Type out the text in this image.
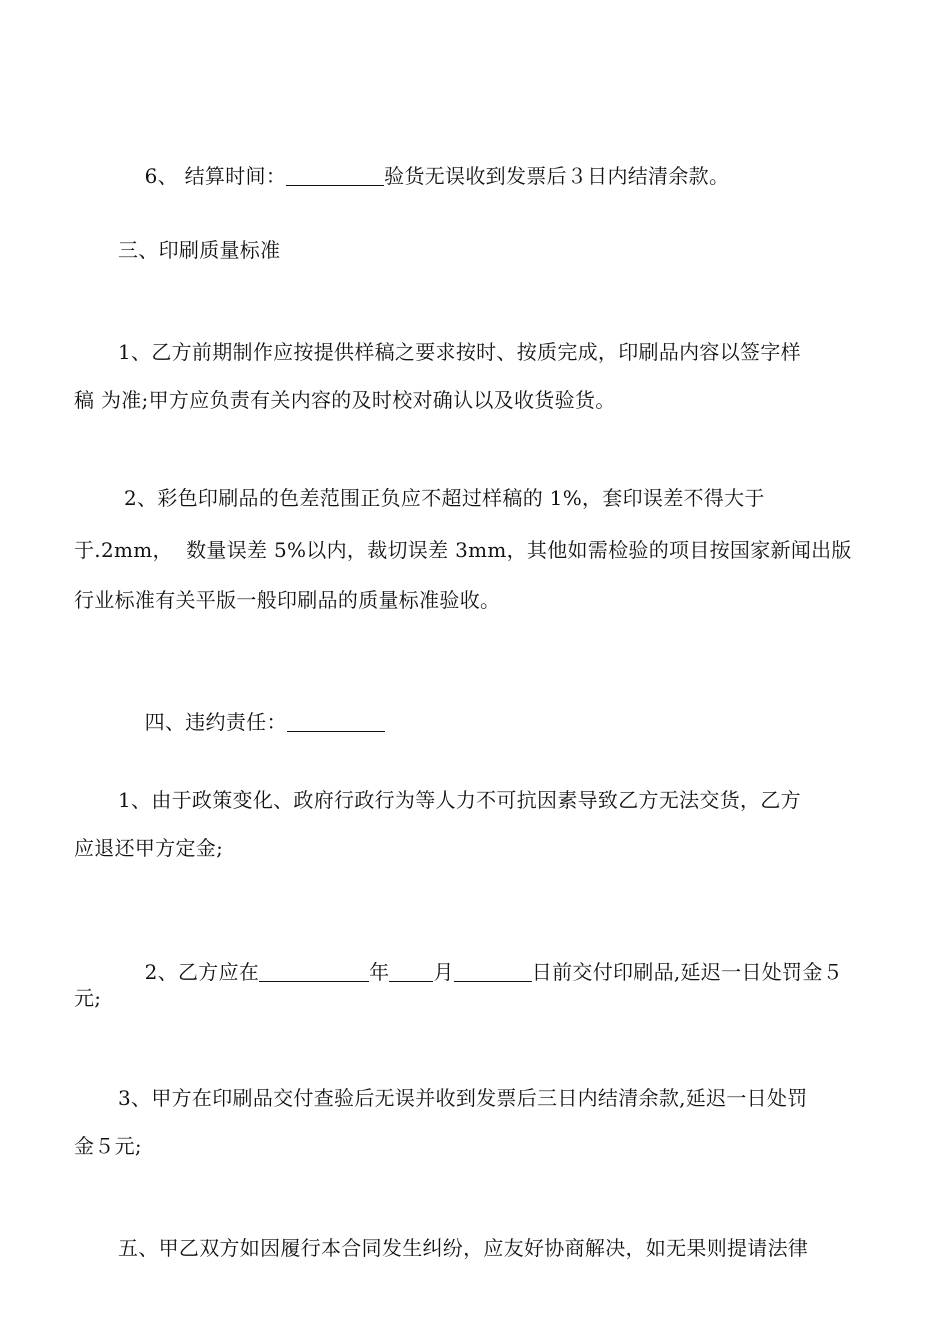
6、 结算时间：	验货无误收到发票后３日内结清余款。

三、印刷质量标准
1、乙方前期制作应按提供样稿之要求按时、按质完成，印刷品内容以签字样
稿 为准;甲方应负责有关内容的及时校对确认以及收货验货。
2、彩色印刷品的色差范围正负应不超过样稿的 1%，套印误差不得大于
于.2mm，  数量误差 5%以内，裁切误差 3mm，其他如需检验的项目按国家新闻出版
行业标准有关平版一般印刷品的质量标准验收。

四、违约责任：

1、由于政策变化、政府行政行为等人力不可抗因素导致乙方无法交货，乙方
应退还甲方定金;

2、乙方应在	年 月	日前交付印刷品,延迟一日处罚金５

元;
3、甲方在印刷品交付查验后无误并收到发票后三日内结清余款,延迟一日处罚
金５元;
五、甲乙双方如因履行本合同发生纠纷，应友好协商解决，如无果则提请法律
